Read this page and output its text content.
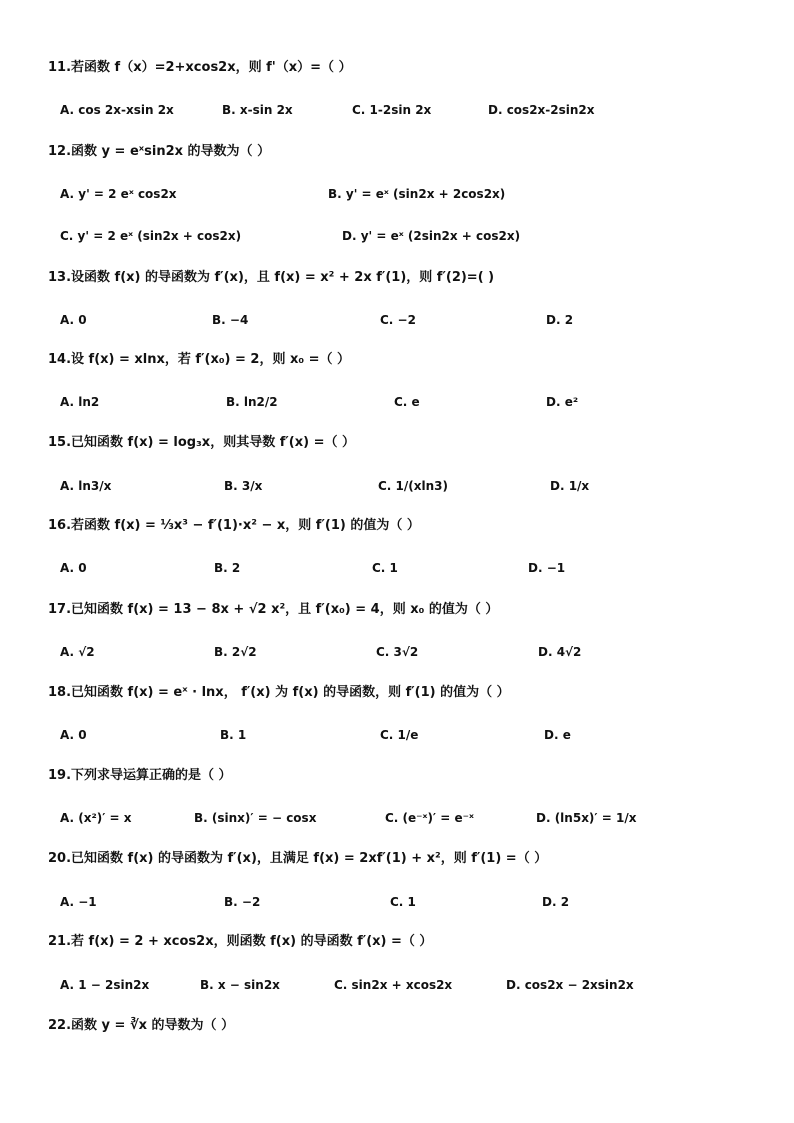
11.若函数 f（x）=2+xcos2x，则 f'（x）=（ ）
A. cos 2x-xsin 2x	B. x-sin 2x	C. 1-2sin 2x	D. cos2x-2sin2x
12.函数 y = eˣsin2x 的导数为（ ）
A. y' = 2 eˣ cos2x	B. y' = eˣ (sin2x + 2cos2x)
C. y' = 2 eˣ (sin2x + cos2x)	D. y' = eˣ (2sin2x + cos2x)
13.设函数 f(x) 的导函数为 f′(x)，且 f(x) = x² + 2x f′(1)，则 f′(2)=( )
A. 0	B. −4	C. −2	D. 2
14.设 f(x) = xlnx，若 f′(x₀) = 2，则 x₀ =（ ）
A. ln2	B. ln2/2	C. e	D. e²
15.已知函数 f(x) = log₃x，则其导数 f′(x) =（ ）
A. ln3/x	B. 3/x	C. 1/(xln3)	D. 1/x
16.若函数 f(x) = ⅓x³ − f′(1)·x² − x，则 f′(1) 的值为（ ）
A. 0	B. 2	C. 1	D. −1
17.已知函数 f(x) = 13 − 8x + √2 x²，且 f′(x₀) = 4，则 x₀ 的值为（ ）
A. √2	B. 2√2	C. 3√2	D. 4√2
18.已知函数 f(x) = eˣ · lnx， f′(x) 为 f(x) 的导函数，则 f′(1) 的值为（ ）
A. 0	B. 1	C. 1/e	D. e
19.下列求导运算正确的是（ ）
A. (x²)′ = x	B. (sinx)′ = − cosx	C. (e⁻ˣ)′ = e⁻ˣ	D. (ln5x)′ = 1/x
20.已知函数 f(x) 的导函数为 f′(x)，且满足 f(x) = 2xf′(1) + x²，则 f′(1) =（ ）
A. −1	B. −2	C. 1	D. 2
21.若 f(x) = 2 + xcos2x，则函数 f(x) 的导函数 f′(x) =（ ）
A. 1 − 2sin2x	B. x − sin2x	C. sin2x + xcos2x	D. cos2x − 2xsin2x
22.函数 y = ∛x 的导数为（ ）
